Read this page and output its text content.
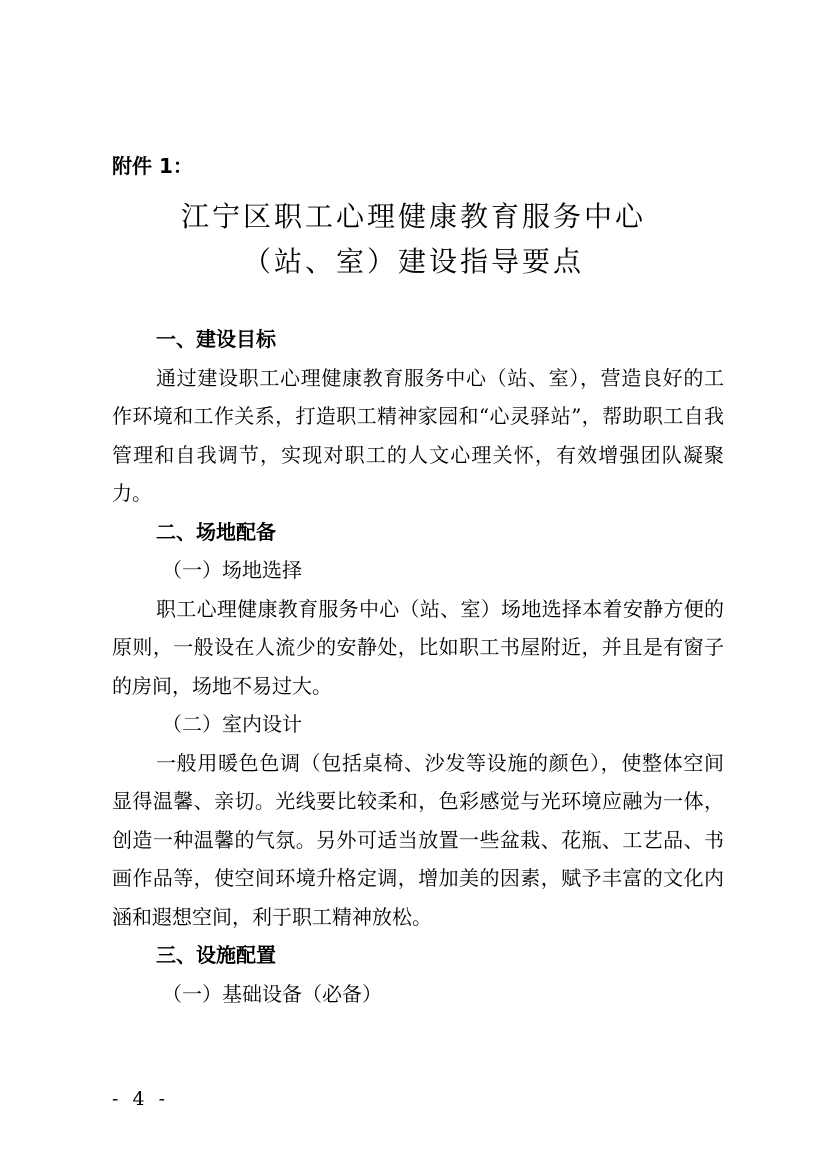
附件 1：
江宁区职工心理健康教育服务中心
（站、室）建设指导要点
一、建设目标
通过建设职工心理健康教育服务中心（站、室），营造良好的工作环境和工作关系，打造职工精神家园和“心灵驿站”，帮助职工自我管理和自我调节，实现对职工的人文心理关怀，有效增强团队凝聚力。
二、场地配备
（一）场地选择
职工心理健康教育服务中心（站、室）场地选择本着安静方便的原则，一般设在人流少的安静处，比如职工书屋附近，并且是有窗子的房间，场地不易过大。
（二）室内设计
一般用暖色色调（包括桌椅、沙发等设施的颜色），使整体空间显得温馨、亲切。光线要比较柔和，色彩感觉与光环境应融为一体，创造一种温馨的气氛。另外可适当放置一些盆栽、花瓶、工艺品、书画作品等，使空间环境升格定调，增加美的因素，赋予丰富的文化内涵和遐想空间，利于职工精神放松。
三、设施配置
（一）基础设备（必备）
- 4 -
